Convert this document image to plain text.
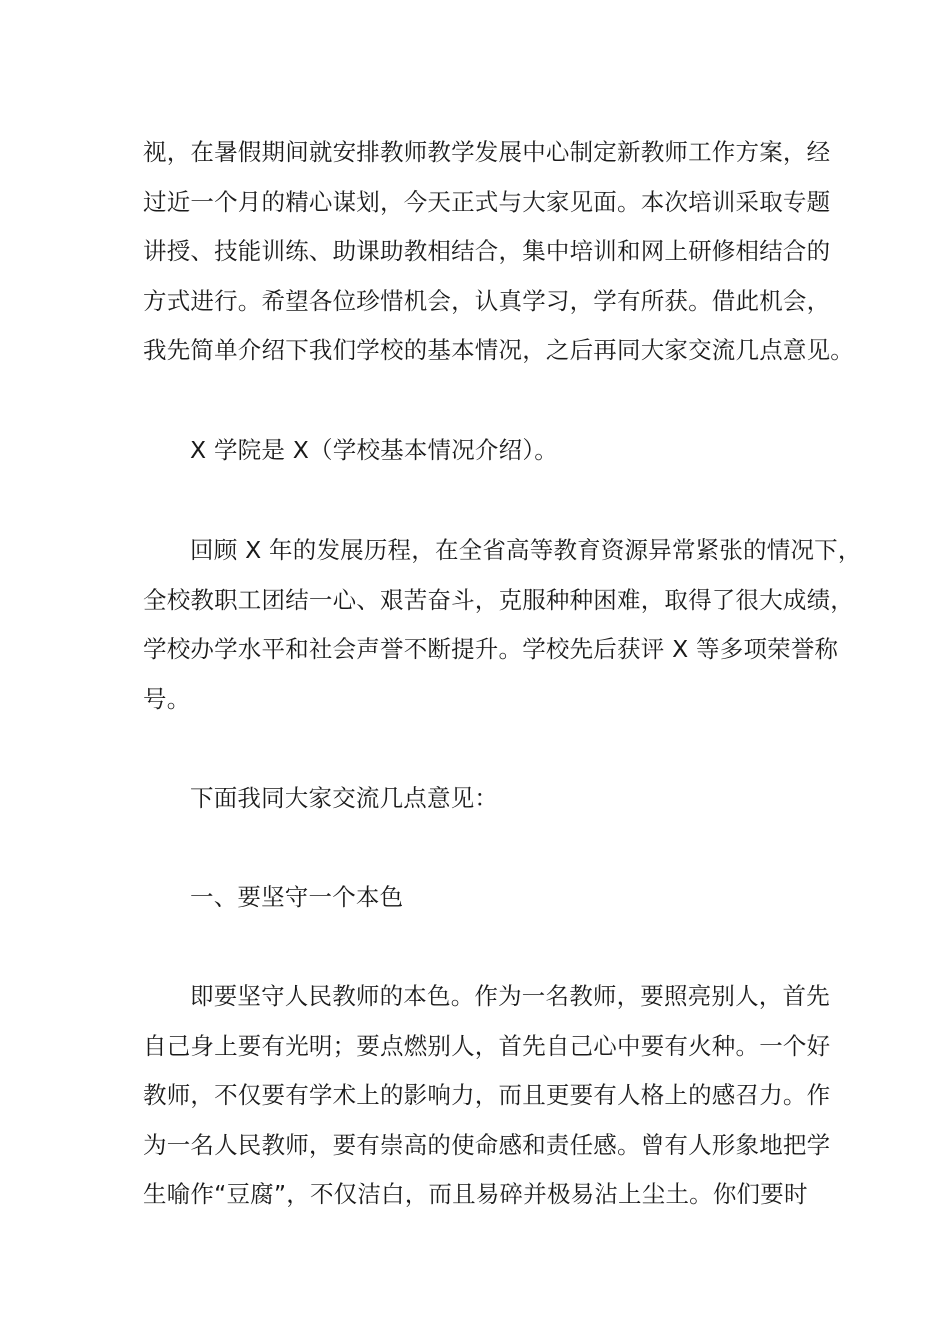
视，在暑假期间就安排教师教学发展中心制定新教师工作方案，经
过近一个月的精心谋划，今天正式与大家见面。本次培训采取专题
讲授、技能训练、助课助教相结合，集中培训和网上研修相结合的
方式进行。希望各位珍惜机会，认真学习，学有所获。借此机会，
我先简单介绍下我们学校的基本情况，之后再同大家交流几点意见。
X 学院是 X（学校基本情况介绍）。
回顾 X 年的发展历程，在全省高等教育资源异常紧张的情况下，
全校教职工团结一心、艰苦奋斗，克服种种困难，取得了很大成绩，
学校办学水平和社会声誉不断提升。学校先后获评 X 等多项荣誉称
号。
下面我同大家交流几点意见：
一、要坚守一个本色
即要坚守人民教师的本色。作为一名教师，要照亮别人，首先
自己身上要有光明；要点燃别人，首先自己心中要有火种。一个好
教师，不仅要有学术上的影响力，而且更要有人格上的感召力。作
为一名人民教师，要有崇高的使命感和责任感。曾有人形象地把学
生喻作“豆腐”，不仅洁白，而且易碎并极易沾上尘土。你们要时
